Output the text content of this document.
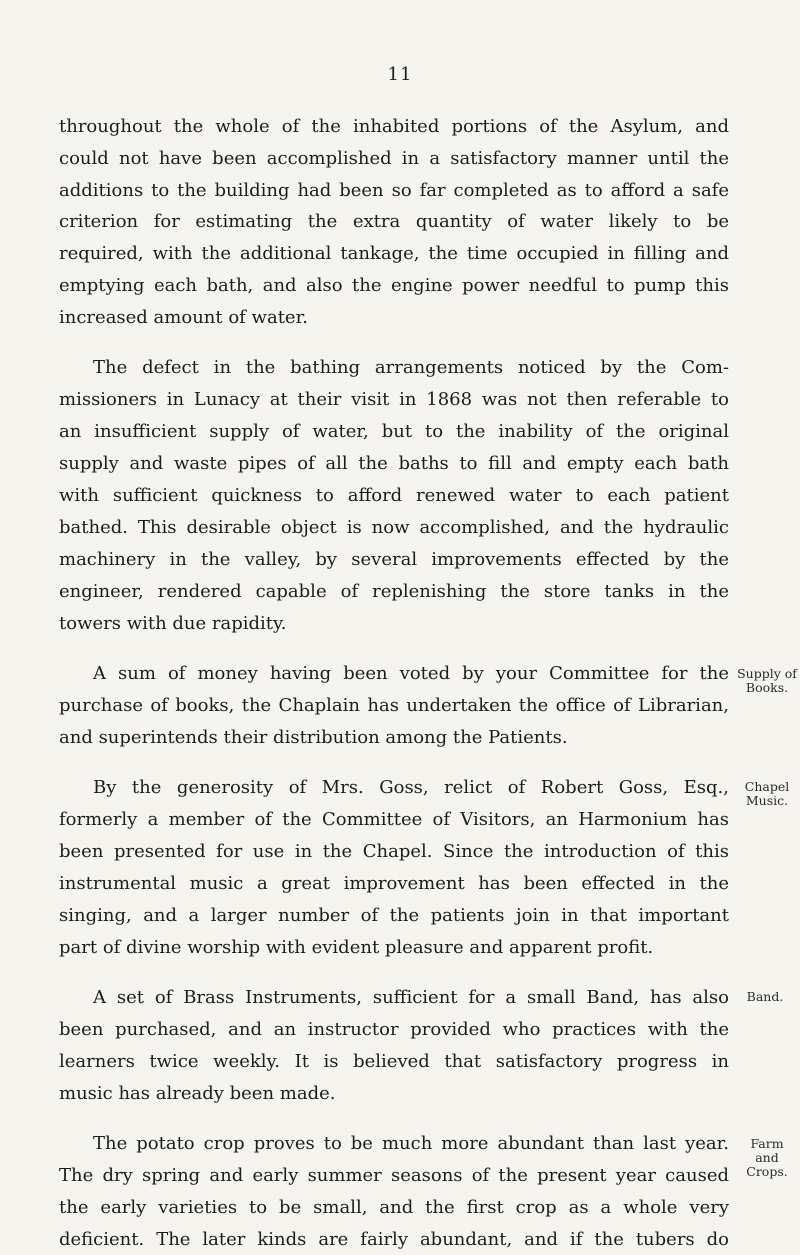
11
throughout the whole of the inhabited portions of the Asylum, and
could not have been accomplished in a satisfactory manner until the
additions to the building had been so far completed as to afford a safe
criterion for estimating the extra quantity of water likely to be
required, with the additional tankage, the time occupied in filling and
emptying each bath, and also the engine power needful to pump this
increased amount of water.
The defect in the bathing arrangements noticed by the Com-
missioners in Lunacy at their visit in 1868 was not then referable to
an insufficient supply of water, but to the inability of the original
supply and waste pipes of all the baths to fill and empty each bath
with sufficient quickness to afford renewed water to each patient
bathed. This desirable object is now accomplished, and the hydraulic
machinery in the valley, by several improvements effected by the
engineer, rendered capable of replenishing the store tanks in the
towers with due rapidity.
A sum of money having been voted by your Committee for the
purchase of books, the Chaplain has undertaken the office of Librarian,
and superintends their distribution among the Patients.
By the generosity of Mrs. Goss, relict of Robert Goss, Esq.,
formerly a member of the Committee of Visitors, an Harmonium has
been presented for use in the Chapel. Since the introduction of this
instrumental music a great improvement has been effected in the
singing, and a larger number of the patients join in that important
part of divine worship with evident pleasure and apparent profit.
A set of Brass Instruments, sufficient for a small Band, has also
been purchased, and an instructor provided who practices with the
learners twice weekly. It is believed that satisfactory progress in
music has already been made.
The potato crop proves to be much more abundant than last year.
The dry spring and early summer seasons of the present year caused
the early varieties to be small, and the first crop as a whole very
deficient. The later kinds are fairly abundant, and if the tubers do
Supply of
Books.
Chapel
Music.
Band.
Farm and
Crops.
